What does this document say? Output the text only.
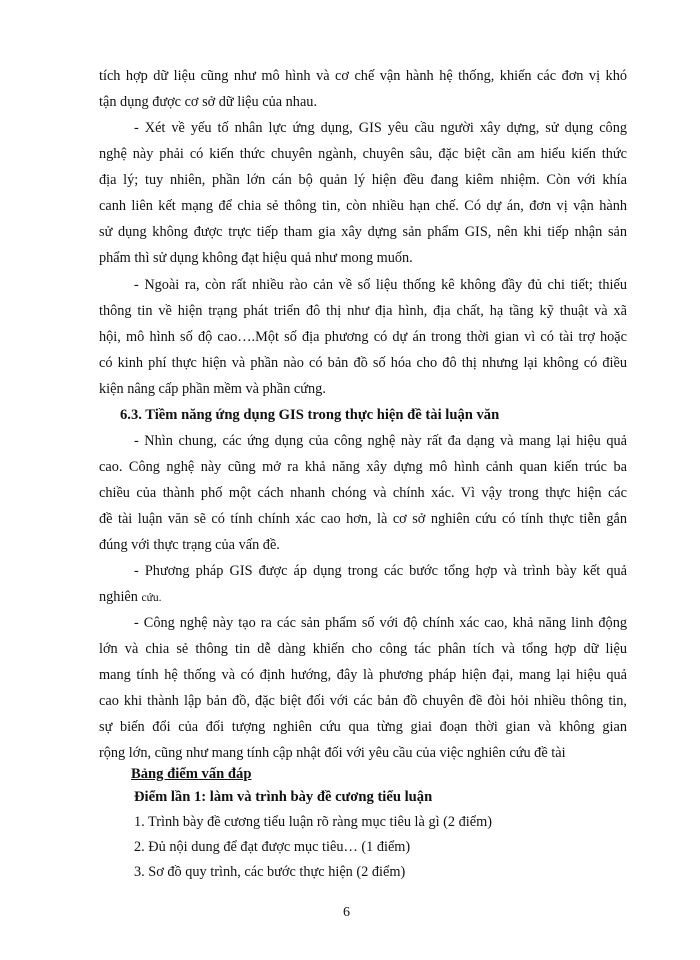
tích hợp dữ liệu cũng như mô hình và cơ chế vận hành hệ thống, khiến các đơn vị khó
tận dụng được cơ sở dữ liệu của nhau.
- Xét về yếu tố nhân lực ứng dụng, GIS yêu cầu người xây dựng, sử dụng công
nghệ này phải có kiến thức chuyên ngành, chuyên sâu, đặc biệt cần am hiểu kiến thức
địa lý; tuy nhiên, phần lớn cán bộ quản lý hiện đều đang kiêm nhiệm. Còn với khía
canh liên kết mạng để chia sẻ thông tin, còn nhiều hạn chế. Có dự án, đơn vị vận hành
sử dụng không được trực tiếp tham gia xây dựng sản phẩm GIS, nên khi tiếp nhận sản
phẩm thì sử dụng không đạt hiệu quả như mong muốn.
- Ngoài ra, còn rất nhiều rào cản về số liệu thống kê không đầy đủ chi tiết; thiếu
thông tin về hiện trạng phát triển đô thị như địa hình, địa chất, hạ tầng kỹ thuật và xã
hội, mô hình số độ cao….Một số địa phương có dự án trong thời gian vì có tài trợ hoặc
có kinh phí thực hiện và phần nào có bản đồ số hóa cho đô thị nhưng lại không có điều
kiện nâng cấp phần mềm và phần cứng.
6.3. Tiềm năng ứng dụng GIS trong thực hiện đề tài luận văn
- Nhìn chung, các ứng dụng của công nghệ này rất đa dạng và mang lại hiệu quả
cao. Công nghệ này cũng mở ra khả năng xây dựng mô hình cảnh quan kiến trúc ba
chiều của thành phố một cách nhanh chóng và chính xác. Vì vậy trong thực hiện các
đề tài luận văn sẽ có tính chính xác cao hơn, là cơ sở nghiên cứu có tính thực tiễn gắn
đúng với thực trạng của vấn đề.
- Phương pháp GIS được áp dụng trong các bước tổng hợp và trình bày kết quả
nghiên cứu.
- Công nghệ này tạo ra các sản phẩm số với độ chính xác cao, khả năng linh động
lớn và chia sẻ thông tin dễ dàng khiến cho công tác phân tích và tổng hợp dữ liệu
mang tính hệ thống và có định hướng, đây là phương pháp hiện đại, mang lại hiệu quả
cao khi thành lập bản đồ, đặc biệt đối với các bản đồ chuyên đề đòi hỏi nhiều thông tin,
sự biến đổi của đối tượng nghiên cứu qua từng giai đoạn thời gian và không gian
rộng lớn, cũng như mang tính cập nhật đối với yêu cầu của việc nghiên cứu đề tài
Bảng điểm vấn đáp
Điểm lần 1: làm và trình bày đề cương tiểu luận
1. Trình bày đề cương tiểu luận rõ ràng mục tiêu là gì (2 điểm)
2. Đủ nội dung để đạt được mục tiêu… (1 điểm)
3. Sơ đồ quy trình, các bước thực hiện (2 điểm)
6
